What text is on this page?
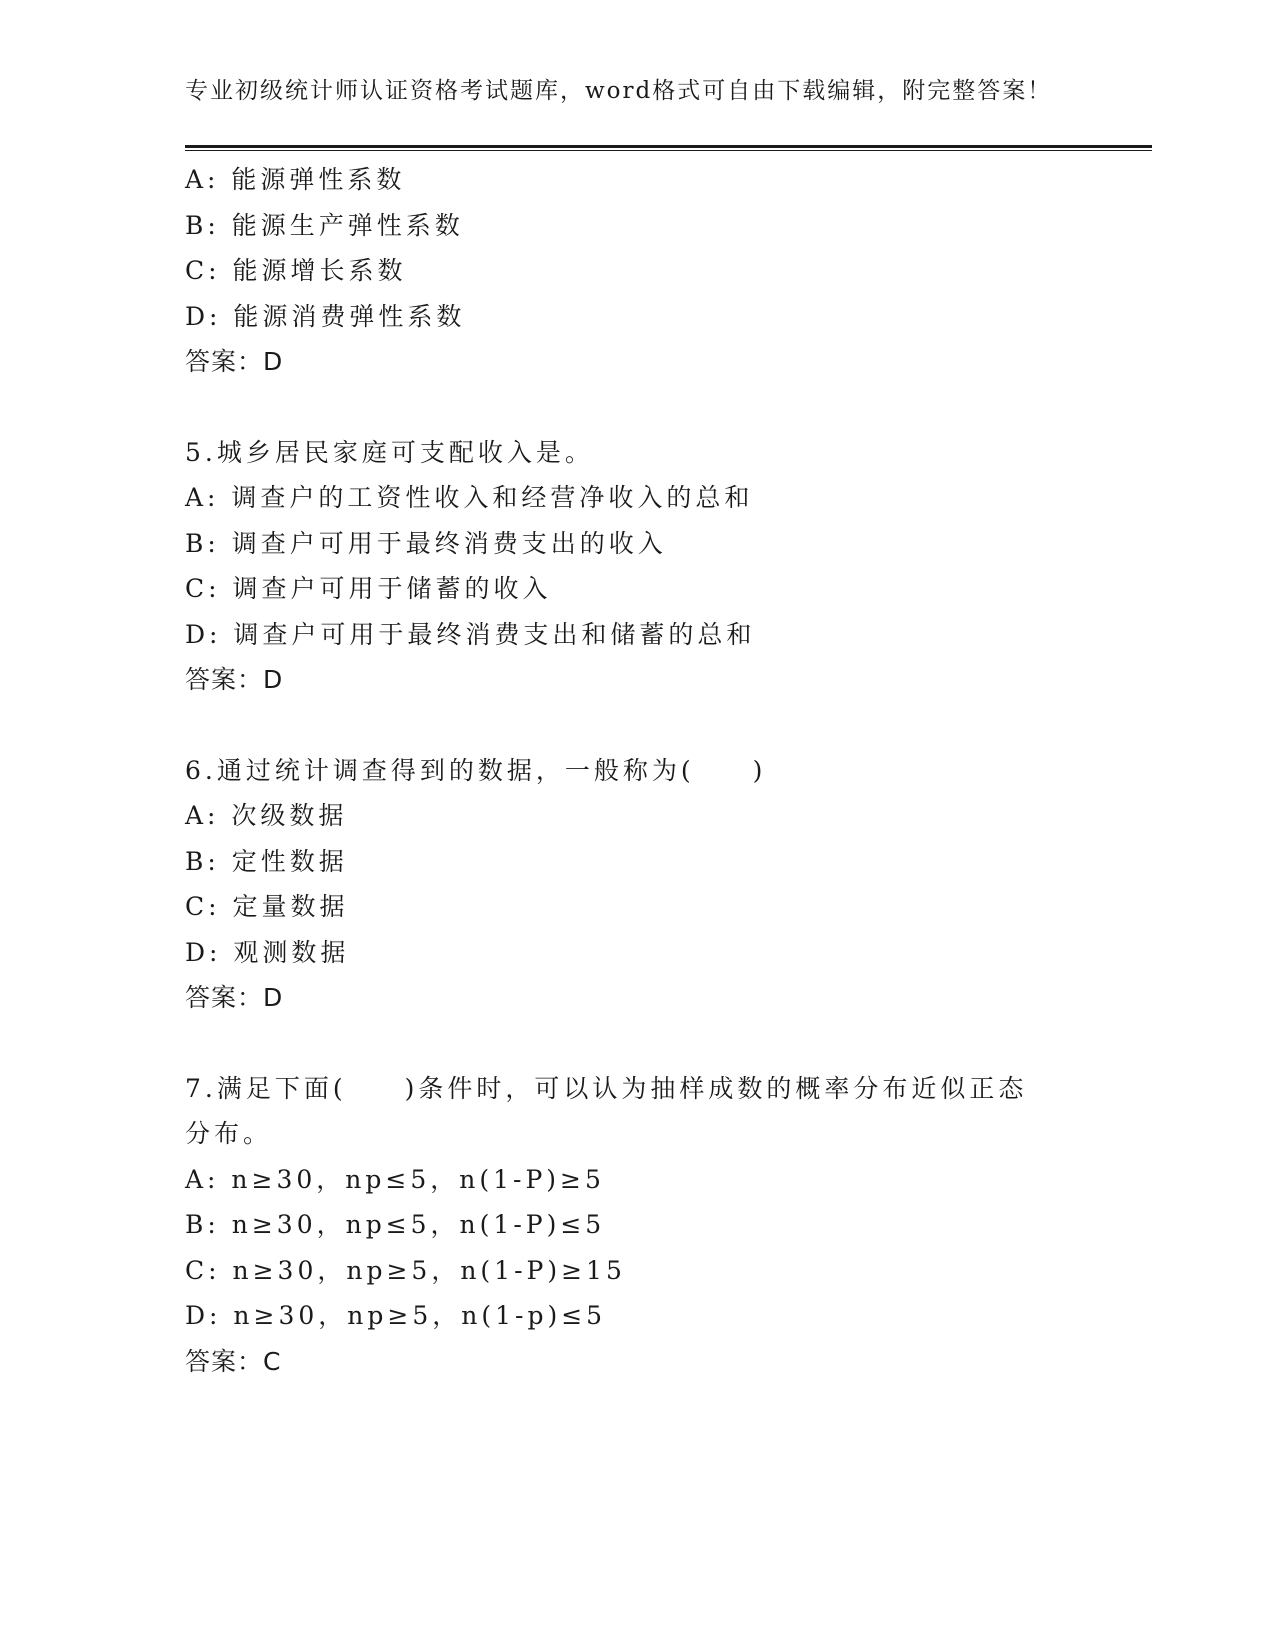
专业初级统计师认证资格考试题库，word格式可自由下载编辑，附完整答案！
A: 能源弹性系数
B: 能源生产弹性系数
C: 能源增长系数
D: 能源消费弹性系数
答案：D
5.城乡居民家庭可支配收入是。
A: 调查户的工资性收入和经营净收入的总和
B: 调查户可用于最终消费支出的收入
C: 调查户可用于储蓄的收入
D: 调查户可用于最终消费支出和储蓄的总和
答案：D
6.通过统计调查得到的数据，一般称为(　　)
A: 次级数据
B: 定性数据
C: 定量数据
D: 观测数据
答案：D
7.满足下面(　　)条件时，可以认为抽样成数的概率分布近似正态分布。
A: n≥30，np≤5，n(1-P)≥5
B: n≥30，np≤5，n(1-P)≤5
C: n≥30，np≥5，n(1-P)≥15
D: n≥30，np≥5，n(1-p)≤5
答案：C
